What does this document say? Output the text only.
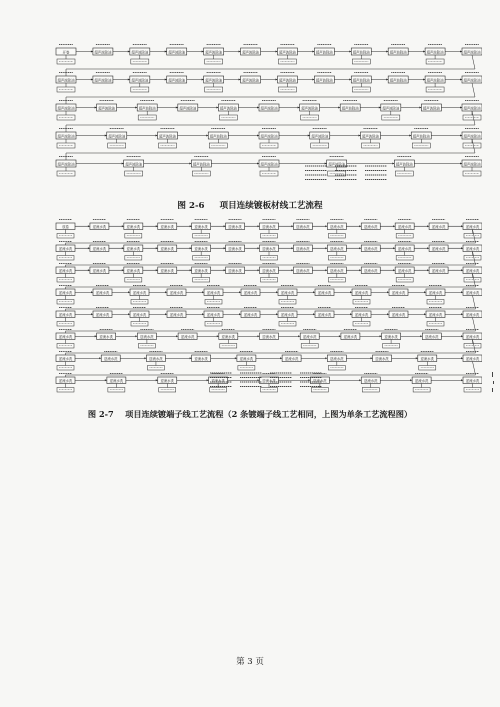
开卷	超声波除油	超声波除油	超声波除油	超声波除油	超声波除油	超声波除油	超声波除油	超声波除油	超声波除油	超声波除油	超声波除油
超声波除油	超声波除油	超声波除油	超声波除油	超声波除油	超声波除油	超声波除油	超声波除油	超声波除油	超声波除油	超声波除油	超声波除油
超声波除油	超声波除油	超声波除油	超声波除油	超声波除油	超声波除油	超声波除油	超声波除油	超声波除油	超声波除油	超声波除油
超声波除油	超声波除油	超声波除油	超声波除油	超声波除油	超声波除油	超声波除油	超声波除油	超声波除油
超声波除油	超声波除油	超声波除油	超声波除油	超声波除油	超声波除油	超声波除油
图 2-6 项目连续镀板材线工艺流程
放卷	逆流水洗	逆流水洗	逆流水洗	逆流水洗	逆流水洗	逆流水洗	逆流水洗	逆流水洗	逆流水洗	逆流水洗	逆流水洗	逆流水洗
逆流水洗	逆流水洗	逆流水洗	逆流水洗	逆流水洗	逆流水洗	逆流水洗	逆流水洗	逆流水洗	逆流水洗	逆流水洗	逆流水洗	逆流水洗
逆流水洗	逆流水洗	逆流水洗	逆流水洗	逆流水洗	逆流水洗	逆流水洗	逆流水洗	逆流水洗	逆流水洗	逆流水洗	逆流水洗	逆流水洗
逆流水洗	逆流水洗	逆流水洗	逆流水洗	逆流水洗	逆流水洗	逆流水洗	逆流水洗	逆流水洗	逆流水洗	逆流水洗	逆流水洗
逆流水洗	逆流水洗	逆流水洗	逆流水洗	逆流水洗	逆流水洗	逆流水洗	逆流水洗	逆流水洗	逆流水洗	逆流水洗	逆流水洗
逆流水洗	逆流水洗	逆流水洗	逆流水洗	逆流水洗	逆流水洗	逆流水洗	逆流水洗	逆流水洗	逆流水洗	逆流水洗
逆流水洗	逆流水洗	逆流水洗	逆流水洗	逆流水洗	逆流水洗	逆流水洗	逆流水洗	逆流水洗	逆流水洗
逆流水洗	逆流水洗	逆流水洗	逆流水洗	逆流水洗	逆流水洗	逆流水洗	逆流水洗	逆流水洗
图 2-7 项目连续镀端子线工艺流程（2 条镀端子线工艺相同，上图为单条工艺流程图）
第 3 页
